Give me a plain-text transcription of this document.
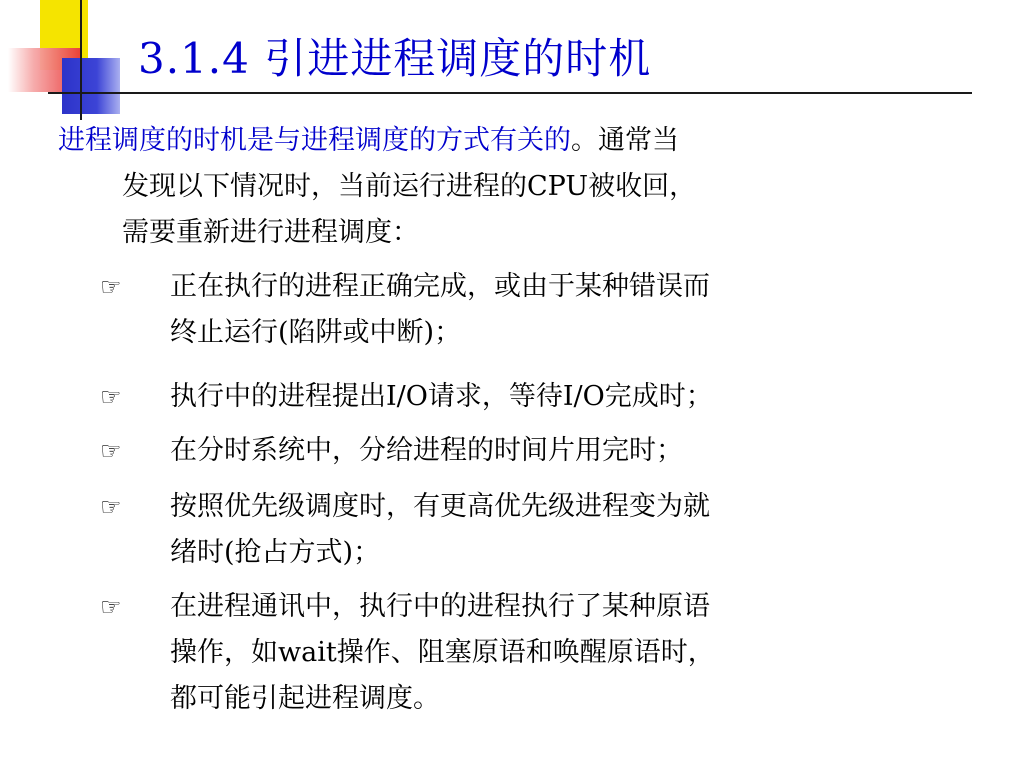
3.1.4 引进进程调度的时机
进程调度的时机是与进程调度的方式有关的。通常当
发现以下情况时，当前运行进程的CPU被收回，
需要重新进行进程调度：
☞	正在执行的进程正确完成，或由于某种错误而
终止运行(陷阱或中断)；
☞	执行中的进程提出I/O请求，等待I/O完成时；
☞	在分时系统中，分给进程的时间片用完时；
☞	按照优先级调度时，有更高优先级进程变为就
绪时(抢占方式)；
☞	在进程通讯中，执行中的进程执行了某种原语
操作，如wait操作、阻塞原语和唤醒原语时，
都可能引起进程调度。
